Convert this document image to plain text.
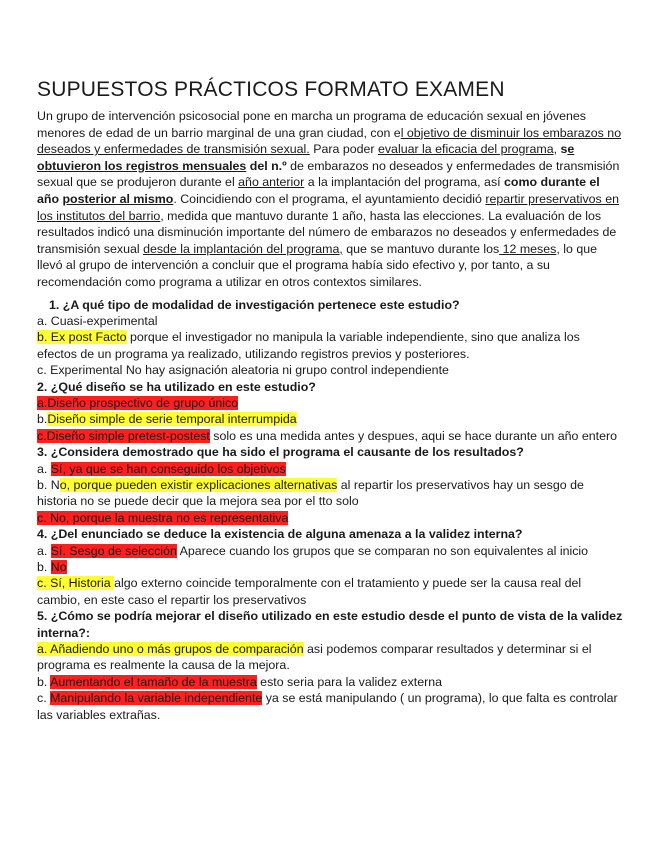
SUPUESTOS PRÁCTICOS FORMATO EXAMEN

Un grupo de intervención psicosocial pone en marcha un programa de educación sexual en jóvenes menores de edad de un barrio marginal de una gran ciudad, con el objetivo de disminuir los embarazos no deseados y enfermedades de transmisión sexual. Para poder evaluar la eficacia del programa, se obtuvieron los registros mensuales del n.º de embarazos no deseados y enfermedades de transmisión sexual que se produjeron durante el año anterior a la implantación del programa, así como durante el año posterior al mismo. Coincidiendo con el programa, el ayuntamiento decidió repartir preservativos en los institutos del barrio, medida que mantuvo durante 1 año, hasta las elecciones. La evaluación de los resultados indicó una disminución importante del número de embarazos no deseados y enfermedades de transmisión sexual desde la implantación del programa, que se mantuvo durante los 12 meses, lo que llevó al grupo de intervención a concluir que el programa había sido efectivo y, por tanto, a su recomendación como programa a utilizar en otros contextos similares.

1. ¿A qué tipo de modalidad de investigación pertenece este estudio?
a. Cuasi-experimental
b. Ex post Facto porque el investigador no manipula la variable independiente, sino que analiza los efectos de un programa ya realizado, utilizando registros previos y posteriores.
c. Experimental No hay asignación aleatoria ni grupo control independiente
2. ¿Qué diseño se ha utilizado en este estudio?
a.Diseño prospectivo de grupo único
b.Diseño simple de serie temporal interrumpida
c.Diseño simple pretest-postest solo es una medida antes y despues, aqui se hace durante un año entero
3. ¿Considera demostrado que ha sido el programa el causante de los resultados?
a. Sí, ya que se han conseguido los objetivos
b. No, porque pueden existir explicaciones alternativas al repartir los preservativos hay un sesgo de historia no se puede decir que la mejora sea por el tto solo
c. No, porque la muestra no es representativa
4. ¿Del enunciado se deduce la existencia de alguna amenaza a la validez interna?
a. Sí. Sesgo de selección Aparece cuando los grupos que se comparan no son equivalentes al inicio
b. No
c. Sí, Historia algo externo coincide temporalmente con el tratamiento y puede ser la causa real del cambio, en este caso el repartir los preservativos
5. ¿Cómo se podría mejorar el diseño utilizado en este estudio desde el punto de vista de la validez interna?:
a. Añadiendo uno o más grupos de comparación asi podemos comparar resultados y determinar si el programa es realmente la causa de la mejora.
b. Aumentando el tamaño de la muestra esto seria para la validez externa
c. Manipulando la variable independiente ya se está manipulando ( un programa), lo que falta es controlar las variables extrañas.
